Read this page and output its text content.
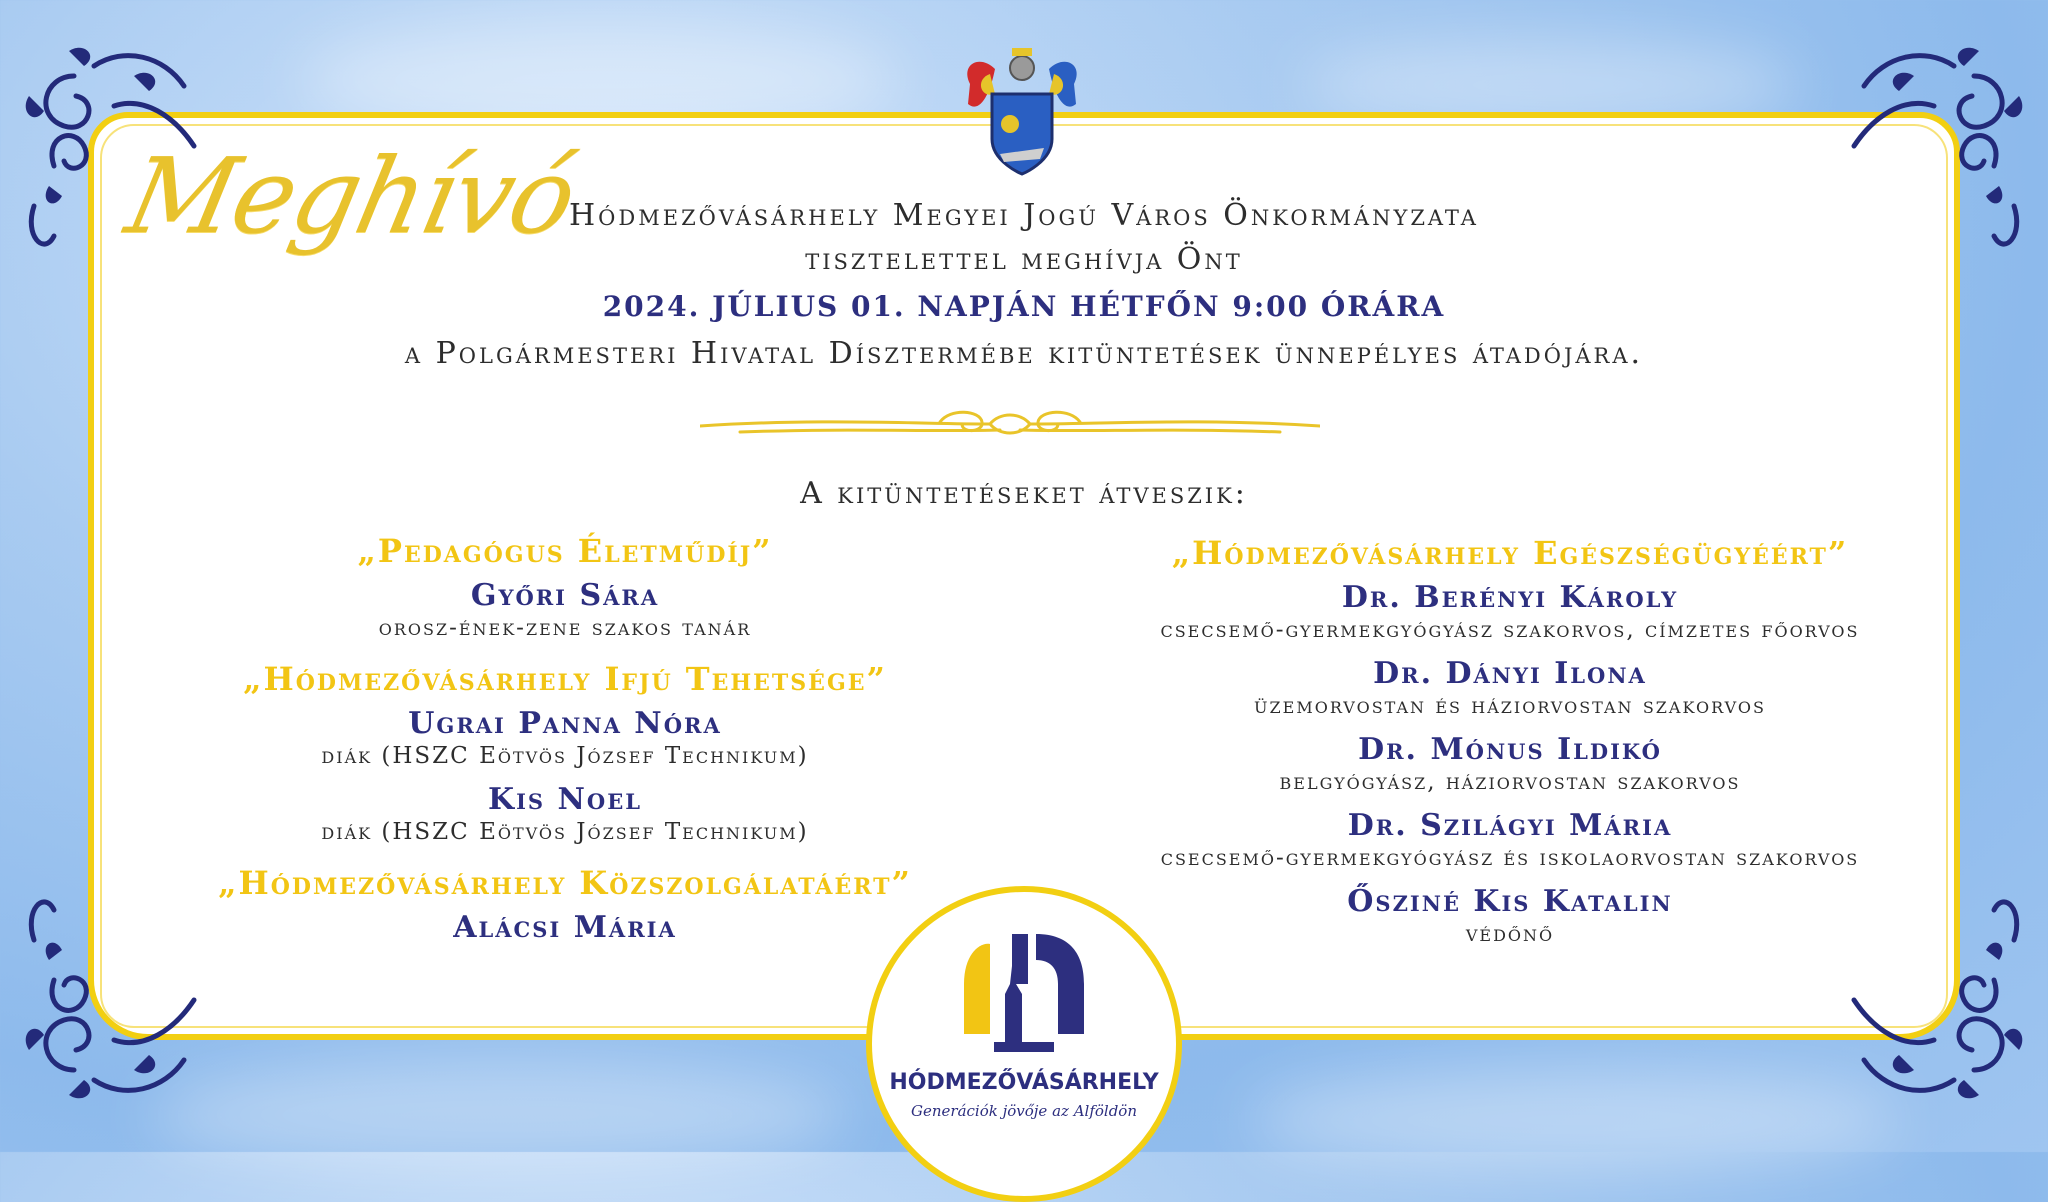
Meghívó
Hódmezővásárhely Megyei Jogú Város Önkormányzata
tisztelettel meghívja Önt
2024. JÚLIUS 01. NAPJÁN HÉTFŐN 9:00 ÓRÁRA
a Polgármesteri Hivatal Dísztermébe kitüntetések ünnepélyes átadójára.
A kitüntetéseket átveszik:
„Pedagógus Életműdíj”
Győri Sára
orosz-ének-zene szakos tanár
„Hódmezővásárhely Ifjú Tehetsége”
Ugrai Panna Nóra
diák (HSZC Eötvös József Technikum)
Kis Noel
diák (HSZC Eötvös József Technikum)
„Hódmezővásárhely Közszolgálatáért”
Alácsi Mária
„Hódmezővásárhely Egészségügyéért”
Dr. Berényi Károly
csecsemő-gyermekgyógyász szakorvos, címzetes főorvos
Dr. Dányi Ilona
üzemorvostan és háziorvostan szakorvos
Dr. Mónus Ildikó
belgyógyász, háziorvostan szakorvos
Dr. Szilágyi Mária
csecsemő-gyermekgyógyász és iskolaorvostan szakorvos
Ősziné Kis Katalin
védőnő
HÓDMEZŐVÁSÁRHELY
Generációk jövője az Alföldön
